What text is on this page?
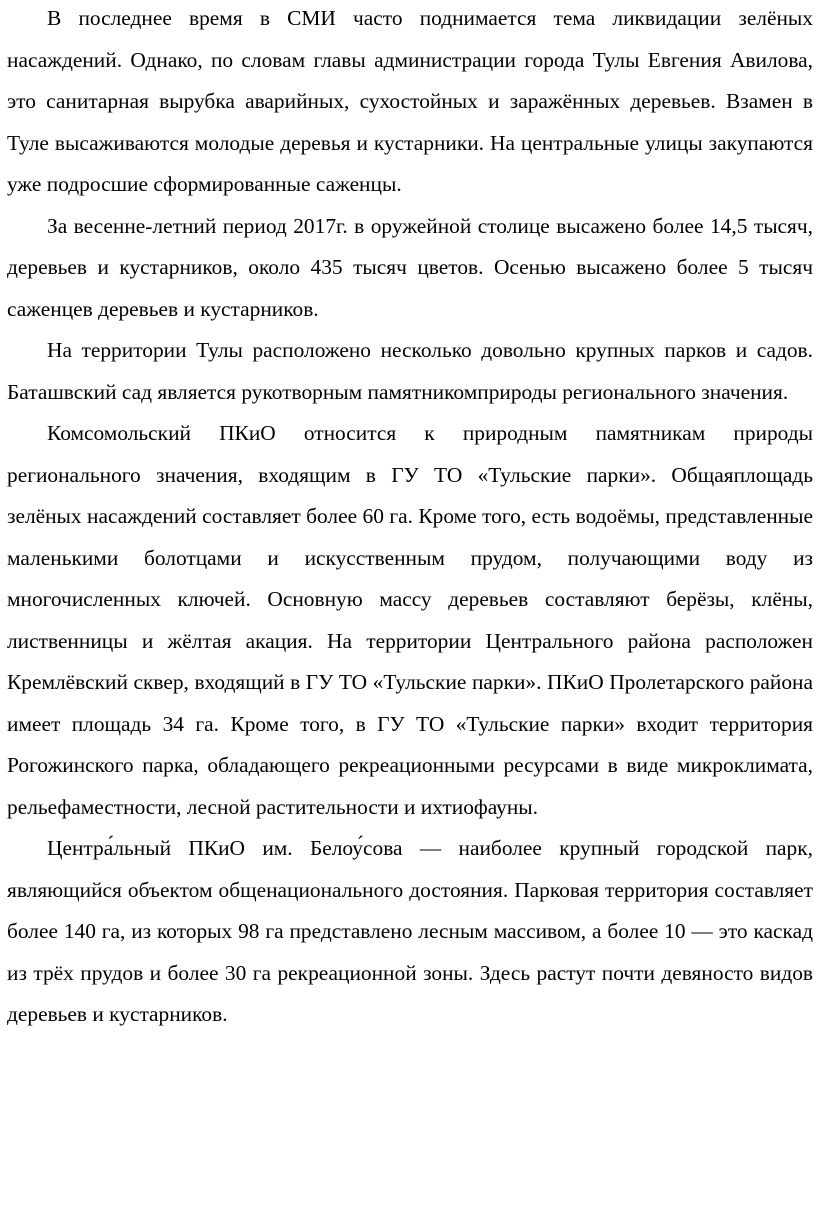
В последнее время в СМИ часто поднимается тема ликвидации зелёных насаждений. Однако, по словам главы администрации города Тулы Евгения Авилова, это санитарная вырубка аварийных, сухостойных и заражённых деревьев. Взамен в Туле высаживаются молодые деревья и кустарники. На центральные улицы закупаются уже подросшие сформированные саженцы.

За весенне-летний период 2017г. в оружейной столице высажено более 14,5 тысяч, деревьев и кустарников, около 435 тысяч цветов. Осенью высажено более 5 тысяч саженцев деревьев и кустарников.

На территории Тулы расположено несколько довольно крупных парков и садов. Баташвский сад является рукотворным памятникомприроды регионального значения.

Комсомольский ПКиО относится к природным памятникам природы регионального значения, входящим в ГУ ТО «Тульские парки». Общаяплощадь зелёных насаждений составляет более 60 га. Кроме того, есть водоёмы, представленные маленькими болотцами и искусственным прудом, получающими воду из многочисленных ключей. Основную массу деревьев составляют берёзы, клёны, лиственницы и жёлтая акация. На территории Центрального района расположен Кремлёвский сквер, входящий в ГУ ТО «Тульские парки». ПКиО Пролетарского района имеет площадь 34 га. Кроме того, в ГУ ТО «Тульские парки» входит территория Рогожинского парка, обладающего рекреационными ресурсами в виде микроклимата, рельефаместности, лесной растительности и ихтиофауны.

Центра́льный ПКиО им. Белоу́сова — наиболее крупный городской парк, являющийся объектом общенационального достояния. Парковая территория составляет более 140 га, из которых 98 га представлено лесным массивом, а более 10 — это каскад из трёх прудов и более 30 га рекреационной зоны. Здесь растут почти девяносто видов деревьев и кустарников.
